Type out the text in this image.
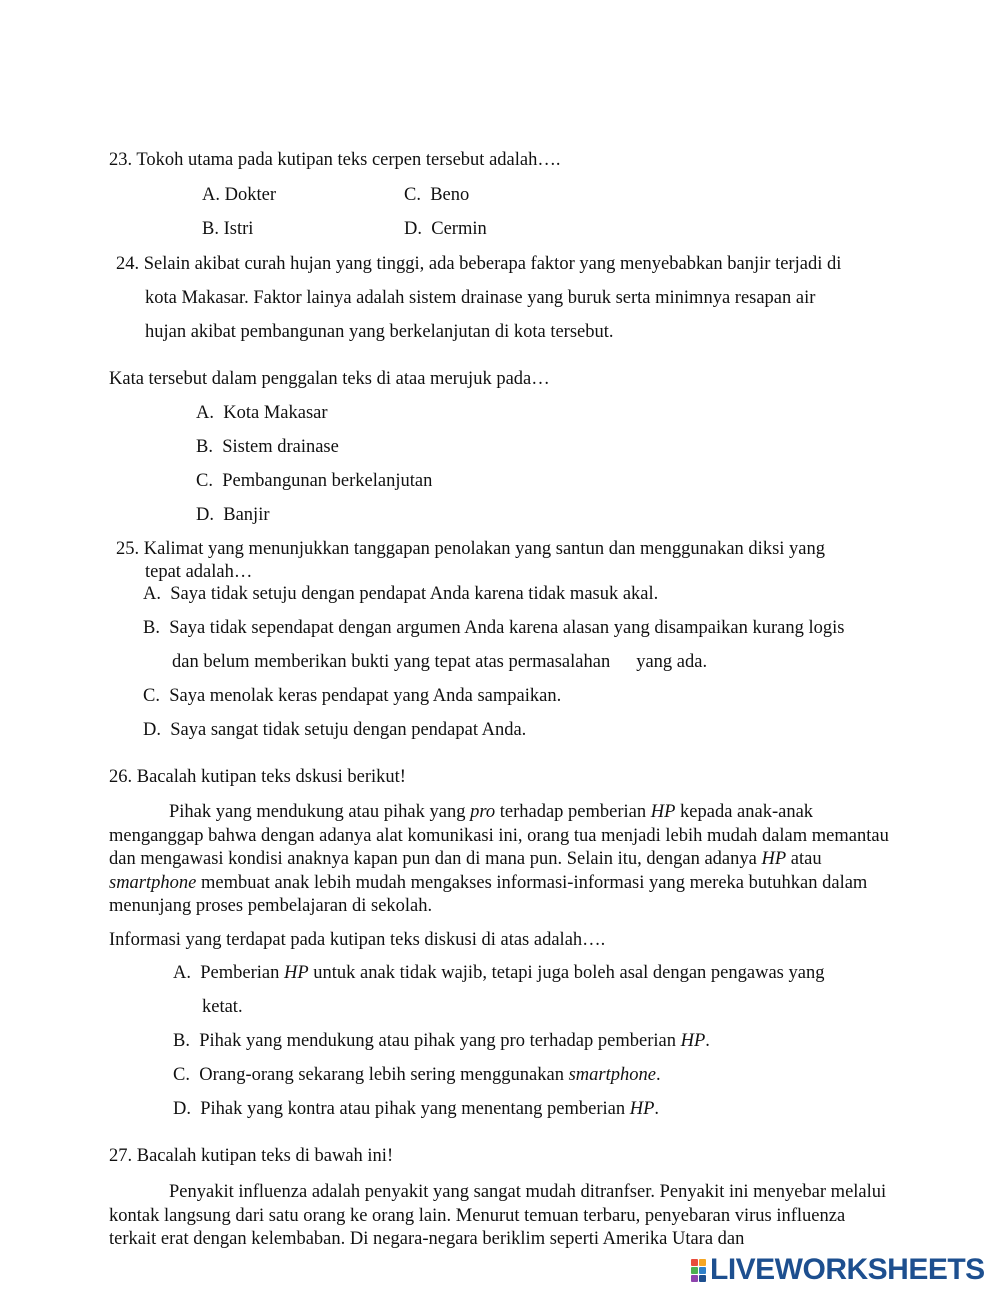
23. Tokoh utama pada kutipan teks cerpen tersebut adalah….
A. Dokter	C. Beno
B. Istri	D. Cermin
24. Selain akibat curah hujan yang tinggi, ada beberapa faktor yang menyebabkan banjir terjadi di
kota Makasar. Faktor lainya adalah sistem drainase yang buruk serta minimnya resapan air
hujan akibat pembangunan yang berkelanjutan di kota tersebut.
Kata tersebut dalam penggalan teks di ataa merujuk pada…
A. Kota Makasar
B. Sistem drainase
C. Pembangunan berkelanjutan
D. Banjir
25. Kalimat yang menunjukkan tanggapan penolakan yang santun dan menggunakan diksi yang
tepat adalah…
A. Saya tidak setuju dengan pendapat Anda karena tidak masuk akal.
B. Saya tidak sependapat dengan argumen Anda karena alasan yang disampaikan kurang logis
dan belum memberikan bukti yang tepat atas permasalahan yang ada.
C. Saya menolak keras pendapat yang Anda sampaikan.
D. Saya sangat tidak setuju dengan pendapat Anda.
26. Bacalah kutipan teks dskusi berikut!
Pihak yang mendukung atau pihak yang pro terhadap pemberian HP kepada anak-anak menganggap bahwa dengan adanya alat komunikasi ini, orang tua menjadi lebih mudah dalam memantau dan mengawasi kondisi anaknya kapan pun dan di mana pun. Selain itu, dengan adanya HP atau smartphone membuat anak lebih mudah mengakses informasi-informasi yang mereka butuhkan dalam menunjang proses pembelajaran di sekolah.
Informasi yang terdapat pada kutipan teks diskusi di atas adalah….
A. Pemberian HP untuk anak tidak wajib, tetapi juga boleh asal dengan pengawas yang
ketat.
B. Pihak yang mendukung atau pihak yang pro terhadap pemberian HP.
C. Orang-orang sekarang lebih sering menggunakan smartphone.
D. Pihak yang kontra atau pihak yang menentang pemberian HP.
27. Bacalah kutipan teks di bawah ini!
Penyakit influenza adalah penyakit yang sangat mudah ditranfser. Penyakit ini menyebar melalui kontak langsung dari satu orang ke orang lain. Menurut temuan terbaru, penyebaran virus influenza terkait erat dengan kelembaban. Di negara-negara beriklim seperti Amerika Utara dan
LIVEWORKSHEETS
